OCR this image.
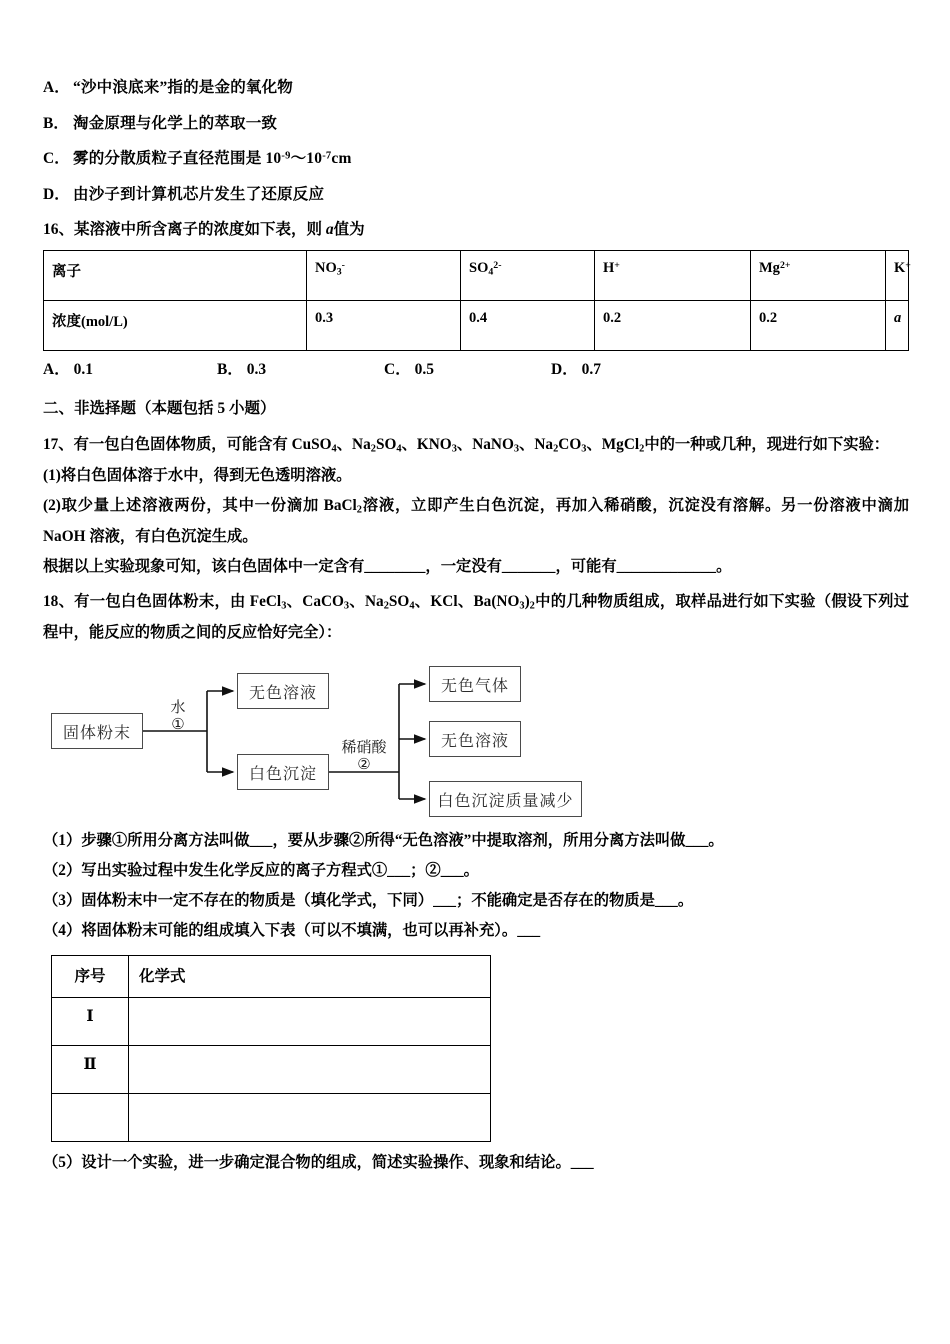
A． “沙中浪底来”指的是金的氧化物
B． 淘金原理与化学上的萃取一致
C． 雾的分散质粒子直径范围是 $10^{-9}\sim 10^{-7}cm$
D． 由沙子到计算机芯片发生了还原反应
16、某溶液中所含离子的浓度如下表，则 a值为
离子	$NO_3^-$	$SO_4^{2-}$	H+	$Mg^{2+}$	K+
浓度(mol/L)	0.3	0.4	0.2	0.2	a
A． 0.1	B． 0.3	C． 0.5	D． 0.7
二、非选择题（本题包括 5 小题）
17、有一包白色固体物质，可能含有 CuSO$_4$、$Na_2SO_4$、$KNO_3$、NaNO$_3$、$Na_2CO_3$、MgCl$_2$中的一种或几种，现进行如下实验：
(1)将白色固体溶于水中，得到无色透明溶液。
(2)取少量上述溶液两份，其中一份滴加 BaCl$_2$溶液，立即产生白色沉淀，再加入稀硝酸，沉淀没有溶解。另一份溶液中滴加 NaOH 溶液，有白色沉淀生成。
根据以上实验现象可知，该白色固体中一定含有________，一定没有_______，可能有_____________。
18、有一包白色固体粉末，由 FeCl$_3$、CaCO$_3$、$Na_2SO_4$、KCl、$Ba(NO_3)_2$中的几种物质组成，取样品进行如下实验（假设下列过程中，能反应的物质之间的反应恰好完全）：
固体粉末
水
①
无色溶液
白色沉淀
稀硝酸
②
无色气体
无色溶液
白色沉淀质量减少
（1）步骤①所用分离方法叫做___，要从步骤②所得“无色溶液”中提取溶剂，所用分离方法叫做___。
（2）写出实验过程中发生化学反应的离子方程式①___；②___。
（3）固体粉末中一定不存在的物质是（填化学式，下同）___；不能确定是否存在的物质是___。
（4）将固体粉末可能的组成填入下表（可以不填满，也可以再补充）。___
序号	化学式
Ⅰ	
Ⅱ	

（5）设计一个实验，进一步确定混合物的组成，简述实验操作、现象和结论。___
